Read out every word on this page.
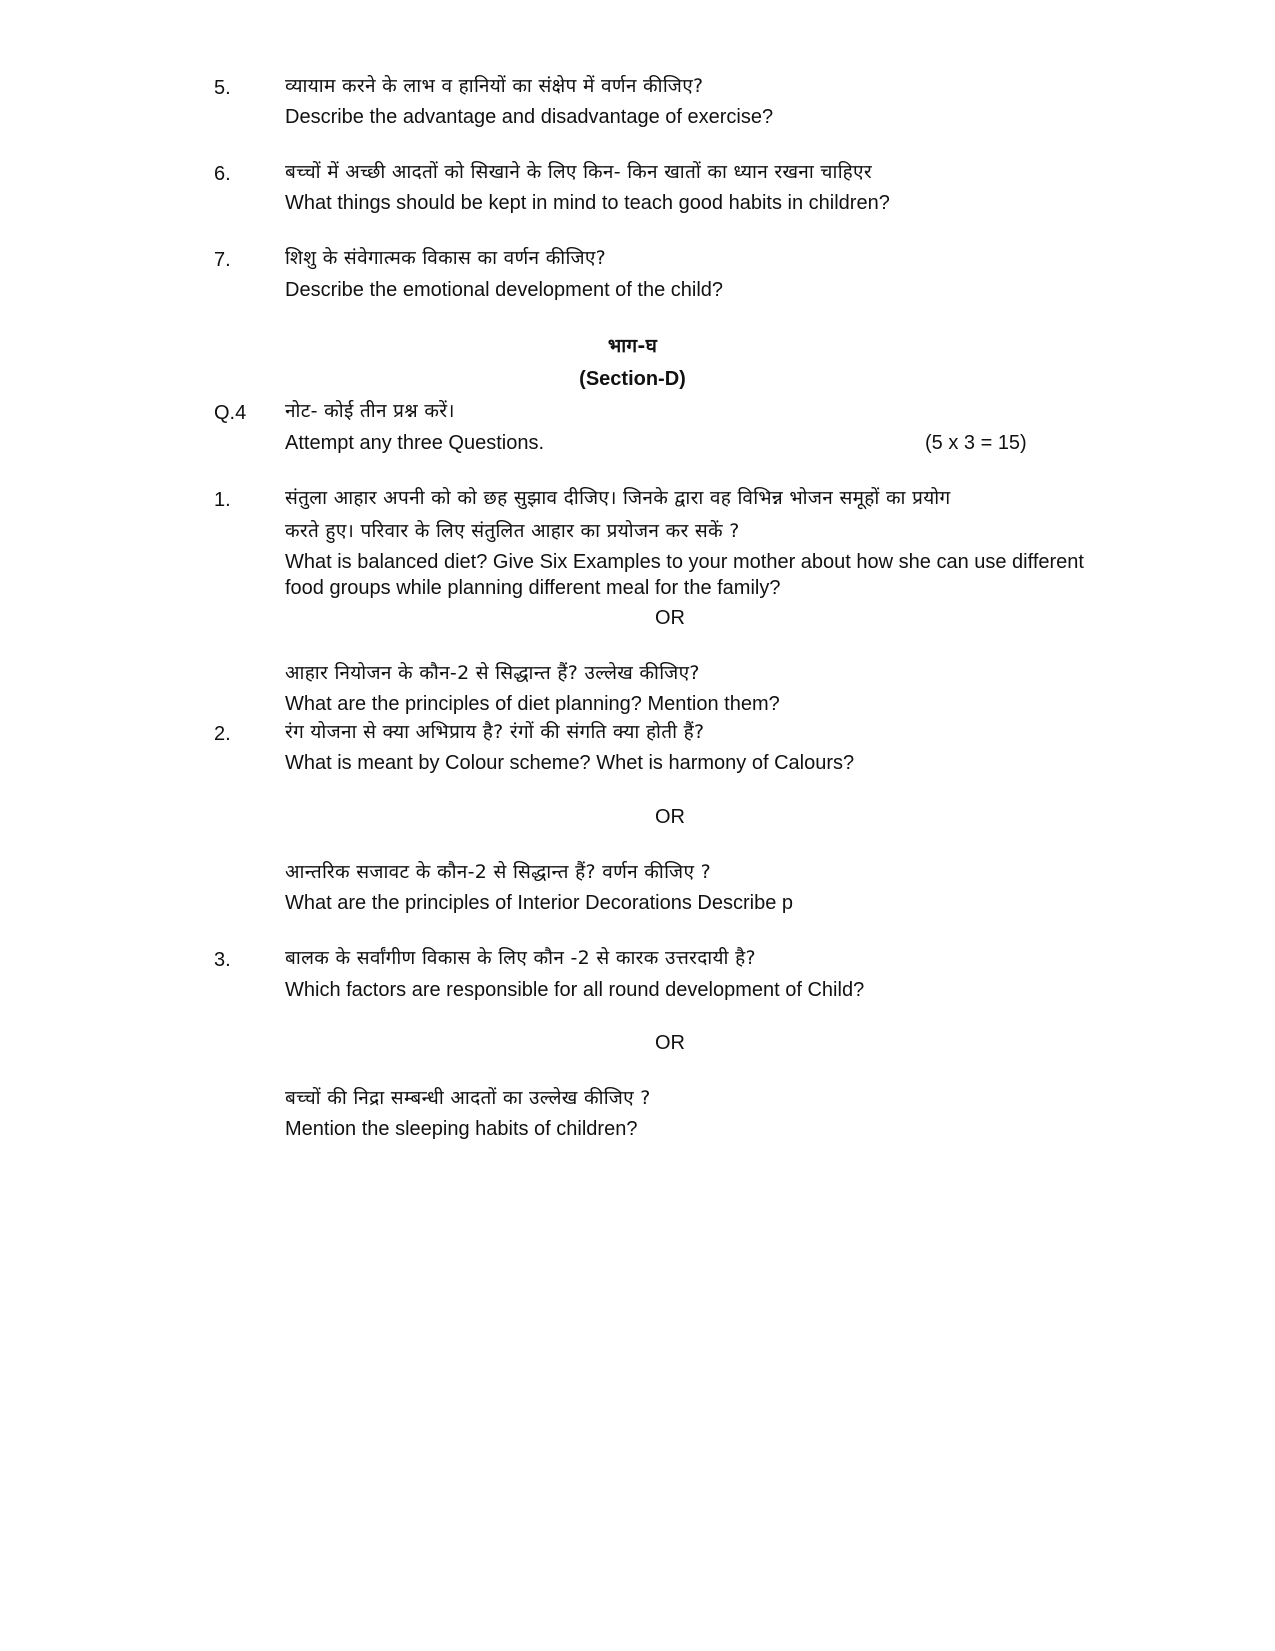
5.	व्यायाम करने के लाभ व हानियों का संक्षेप में वर्णन कीजिए?
Describe the advantage and disadvantage of exercise?
6.	बच्चों में अच्छी आदतों को सिखाने के लिए किन- किन खातों का ध्यान रखना चाहिएर
What things should be kept in mind to teach good habits in children?
7.	शिशु के संवेगात्मक विकास का वर्णन कीजिए?
Describe the emotional development of the child?
भाग-घ
(Section-D)
Q.4 नोट- कोई तीन प्रश्न करें।
Attempt any three Questions.	(5 x 3 = 15)
1.	संतुला आहार अपनी को को छह सुझाव दीजिए। जिनके द्वारा वह विभिन्न भोजन समूहों का प्रयोग
करते हुए। परिवार के लिए संतुलित आहार का प्रयोजन कर सकें ?
What is balanced diet? Give Six Examples to your mother about how she can use different
food groups while planning different meal for the family?
OR
आहार नियोजन के कौन-2 से सिद्धान्त हैं? उल्लेख कीजिए?
What are the principles of diet planning? Mention them?
2.	रंग योजना से क्या अभिप्राय है? रंगों की संगति क्या होती हैं?
What is meant by Colour scheme? Whet is harmony of Calours?
OR
आन्तरिक सजावट के कौन-2 से सिद्धान्त हैं? वर्णन कीजिए ?
What are the principles of Interior Decorations Describe p
3.	बालक के सर्वांगीण विकास के लिए कौन -2 से कारक उत्तरदायी है?
Which factors are responsible for all round development of Child?
OR
बच्चों की निद्रा सम्बन्धी आदतों का उल्लेख कीजिए ?
Mention the sleeping habits of children?
